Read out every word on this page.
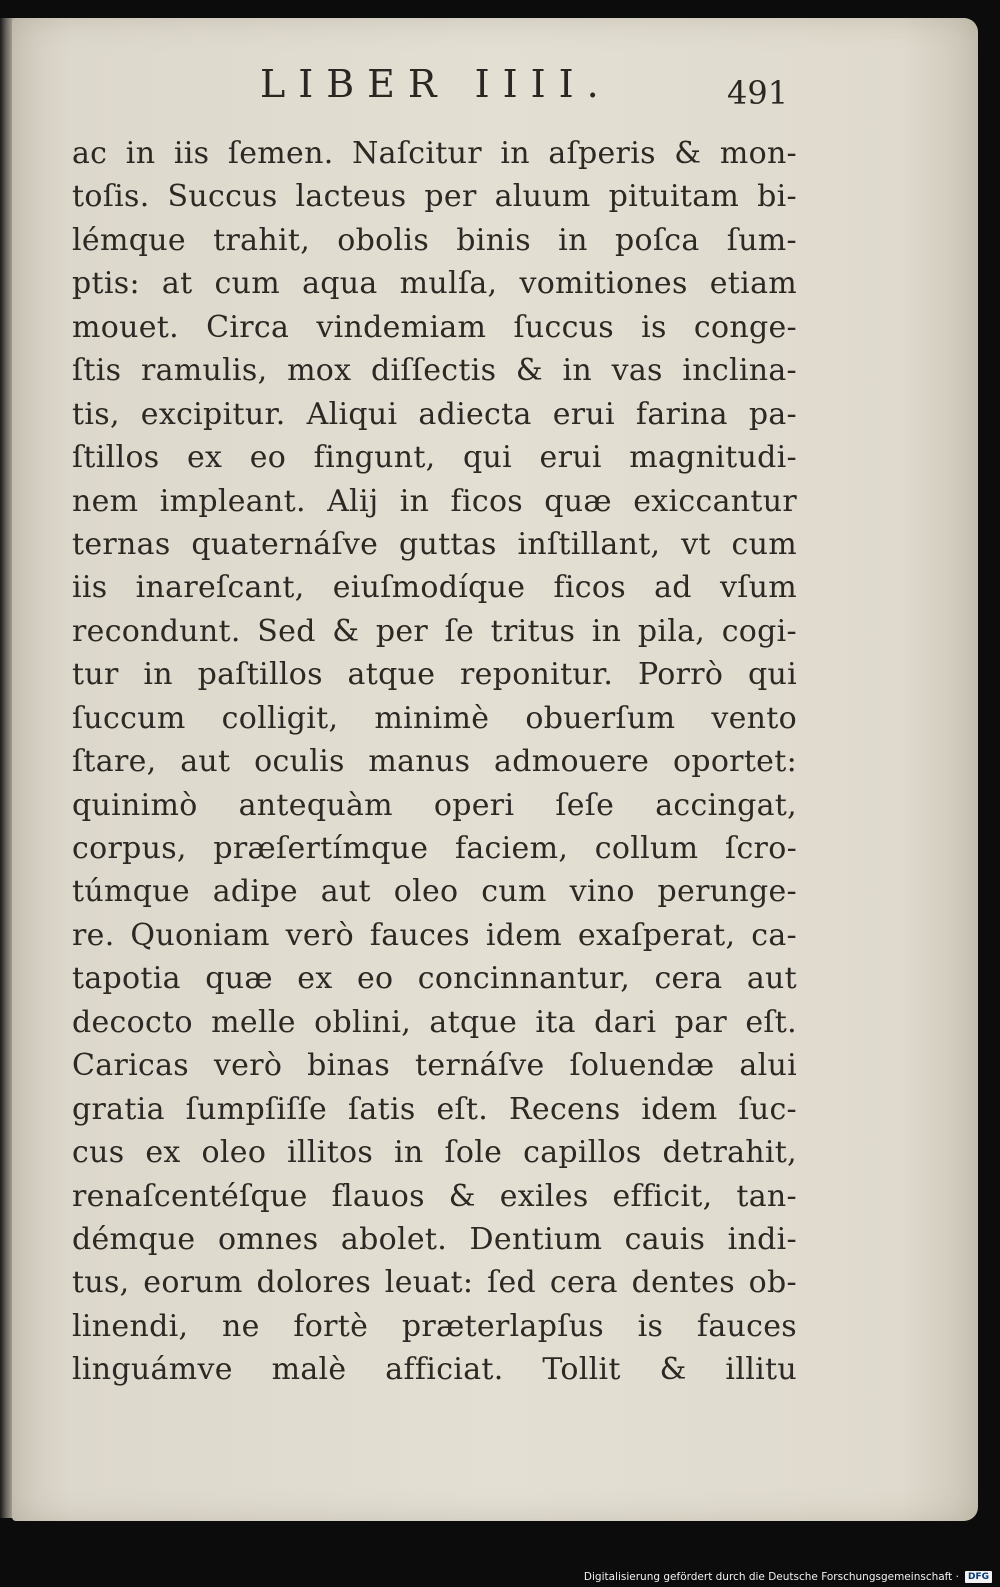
LIBER IIII.	491
ac in iis ſemen. Naſcitur in aſperis & mon-
toſis. Succus lacteus per aluum pituitam bi-
lémque trahit, obolis binis in poſca ſum-
ptis: at cum aqua mulſa, vomitiones etiam
mouet. Circa vindemiam ſuccus is conge-
ſtis ramulis, mox diſſectis & in vas inclina-
tis, excipitur. Aliqui adiecta erui farina pa-
ſtillos ex eo fingunt, qui erui magnitudi-
nem impleant. Alij in ficos quæ exiccantur
ternas quaternáſve guttas inſtillant, vt cum
iis inareſcant, eiuſmodíque ficos ad vſum
recondunt. Sed & per ſe tritus in pila, cogi-
tur in paſtillos atque reponitur. Porrò qui
ſuccum colligit, minimè obuerſum vento
ſtare, aut oculis manus admouere oportet:
quinimò antequàm operi ſeſe accingat,
corpus, præſertímque faciem, collum ſcro-
túmque adipe aut oleo cum vino perunge-
re. Quoniam verò fauces idem exaſperat, ca-
tapotia quæ ex eo concinnantur, cera aut
decocto melle oblini, atque ita dari par eſt.
Caricas verò binas ternáſve ſoluendæ alui
gratia ſumpſiſſe ſatis eſt. Recens idem ſuc-
cus ex oleo illitos in ſole capillos detrahit,
renaſcentéſque flauos & exiles efficit, tan-
démque omnes abolet. Dentium cauis indi-
tus, eorum dolores leuat: ſed cera dentes ob-
linendi, ne fortè præterlapſus is fauces
linguámve malè afficiat. Tollit & illitu
Digitalisierung gefördert durch die Deutsche Forschungsgemeinschaft ·	DFG
